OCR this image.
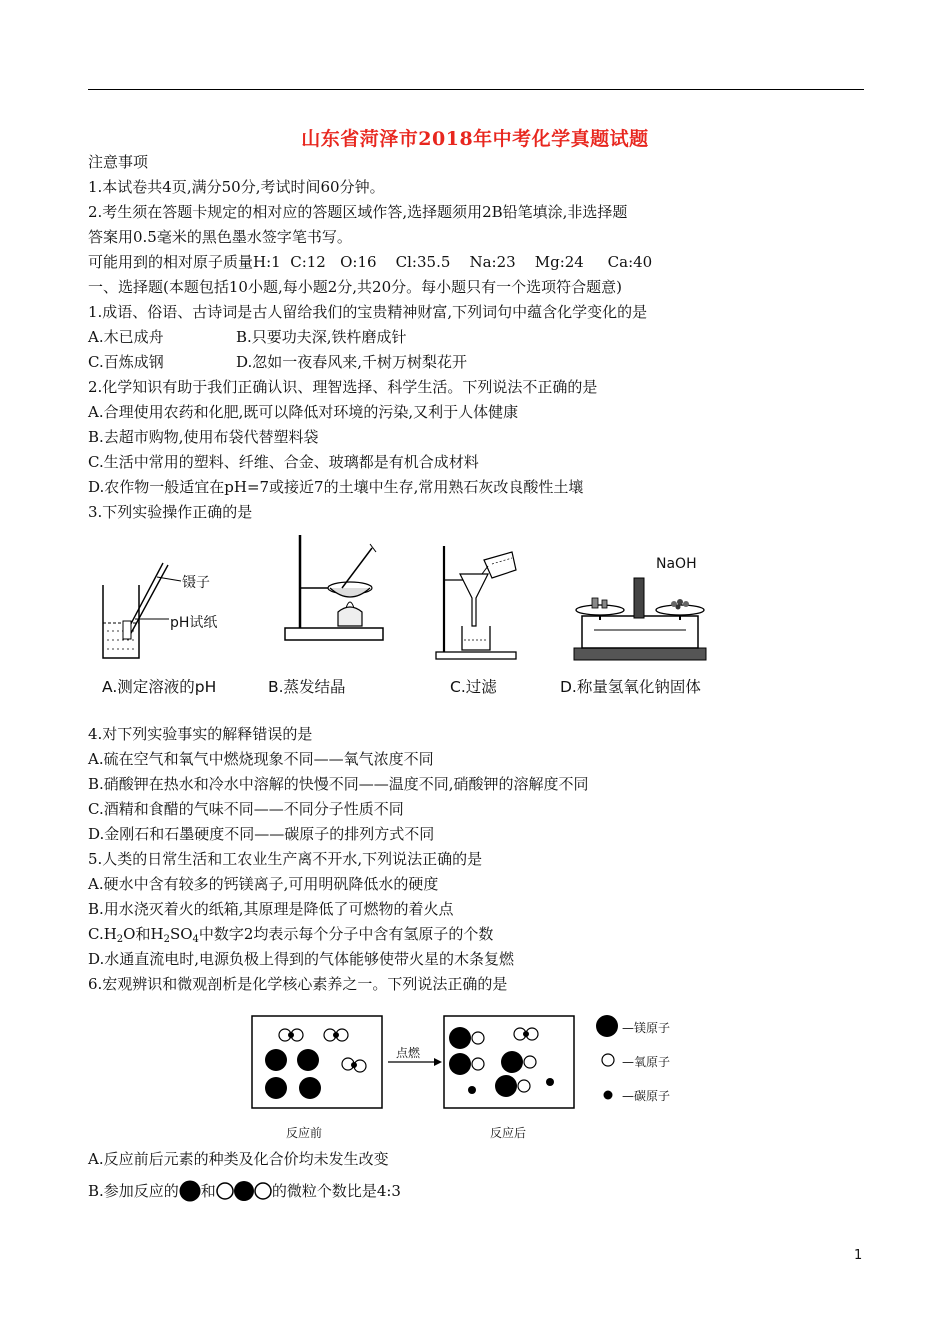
山东省菏泽市2018年中考化学真题试题
注意事项
1.本试卷共4页,满分50分,考试时间60分钟。
2.考生须在答题卡规定的相对应的答题区域作答,选择题须用2B铅笔填涂,非选择题
答案用0.5毫米的黑色墨水签字笔书写。
可能用到的相对原子质量H:1  C:12   O:16    Cl:35.5    Na:23    Mg:24     Ca:40
一、选择题(本题包括10小题,每小题2分,共20分。每小题只有一个选项符合题意)
1.成语、俗语、古诗词是古人留给我们的宝贵精神财富,下列词句中蕴含化学变化的是
A.木已成舟	B.只要功夫深,铁杵磨成针
C.百炼成钢	D.忽如一夜春风来,千树万树梨花开
2.化学知识有助于我们正确认识、理智选择、科学生活。下列说法不正确的是
A.合理使用农药和化肥,既可以降低对环境的污染,又利于人体健康
B.去超市购物,使用布袋代替塑料袋
C.生活中常用的塑料、纤维、合金、玻璃都是有机合成材料
D.农作物一般适宜在pH=7或接近7的土壤中生存,常用熟石灰改良酸性土壤
3.下列实验操作正确的是
镊子
pH试纸
NaOH
A.测定溶液的pH	B.蒸发结晶	C.过滤	D.称量氢氧化钠固体
4.对下列实验事实的解释错误的是
A.硫在空气和氧气中燃烧现象不同——氧气浓度不同
B.硝酸钾在热水和冷水中溶解的快慢不同——温度不同,硝酸钾的溶解度不同
C.酒精和食醋的气味不同——不同分子性质不同
D.金刚石和石墨硬度不同——碳原子的排列方式不同
5.人类的日常生活和工农业生产离不开水,下列说法正确的是
A.硬水中含有较多的钙镁离子,可用明矾降低水的硬度
B.用水浇灭着火的纸箱,其原理是降低了可燃物的着火点
$C.H_2O$和$H_2SO_4$中数字2均表示每个分子中含有氢原子的个数
D.水通直流电时,电源负极上得到的气体能够使带火星的木条复燃
6.宏观辨识和微观剖析是化学核心素养之一。下列说法正确的是
点燃
反应前	反应后
—镁原子
—氧原子
—碳原子
A.反应前后元素的种类及化合价均未发生改变
B.参加反应的 和	的微粒个数比是4:3
1
